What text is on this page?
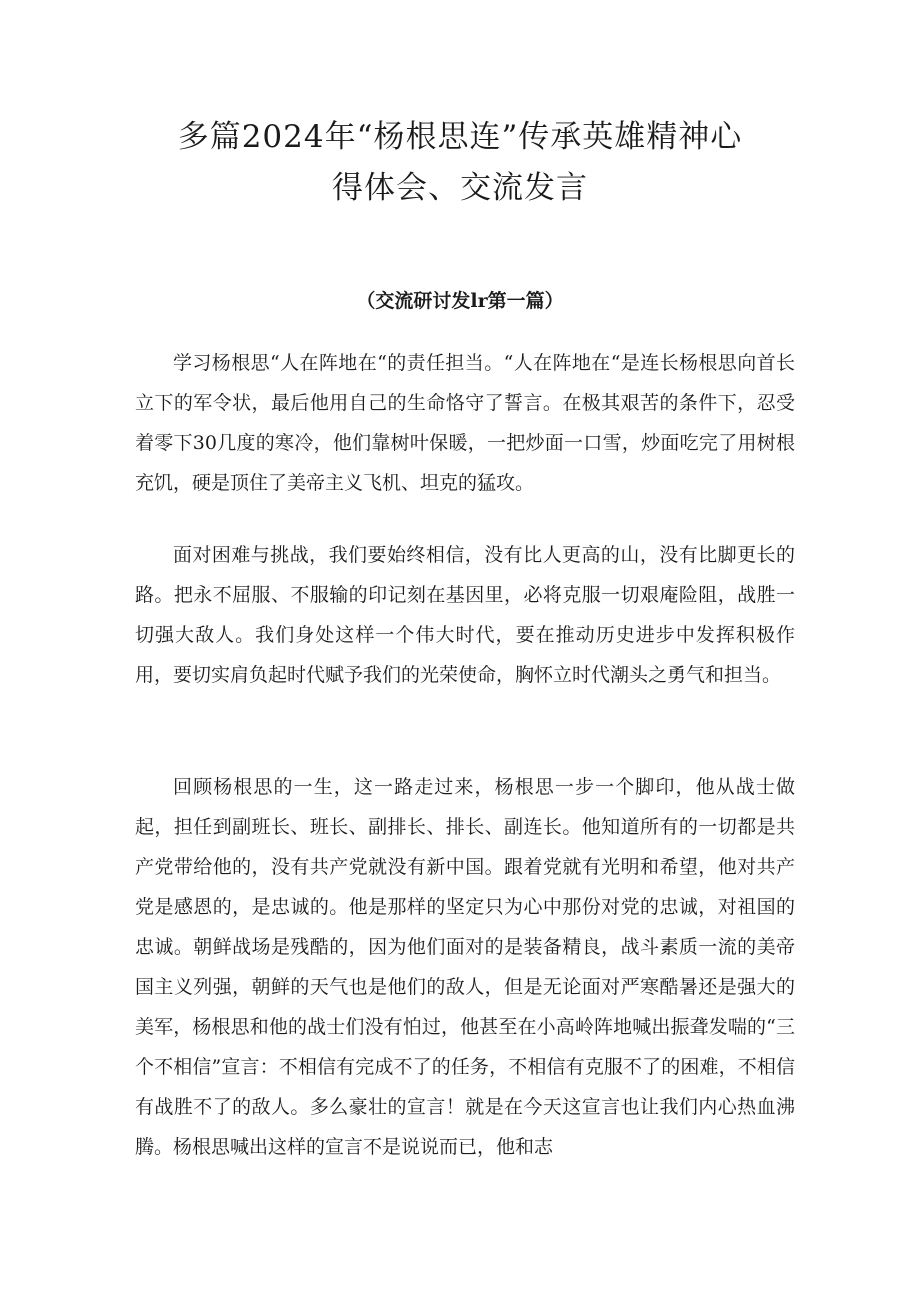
多篇2024年“杨根思连”传承英雄精神心
得体会、交流发言
（交流研讨发lr第一篇）

学习杨根思“人在阵地在“的责任担当。“人在阵地在“是连长杨根思向首长立下的军令状，最后他用自己的生命恪守了誓言。在极其艰苦的条件下，忍受着零下30几度的寒冷，他们靠树叶保暖，一把炒面一口雪，炒面吃完了用树根充饥，硬是顶住了美帝主义飞机、坦克的猛攻。

面对困难与挑战，我们要始终相信，没有比人更高的山，没有比脚更长的路。把永不屈服、不服输的印记刻在基因里，必将克服一切艰庵险阻，战胜一切强大敌人。我们身处这样一个伟大时代，要在推动历史进步中发挥积极作用，要切实肩负起时代赋予我们的光荣使命，胸怀立时代潮头之勇气和担当。

回顾杨根思的一生，这一路走过来，杨根思一步一个脚印，他从战士做起，担任到副班长、班长、副排长、排长、副连长。他知道所有的一切都是共产党带给他的，没有共产党就没有新中国。跟着党就有光明和希望，他对共产党是感恩的，是忠诚的。他是那样的坚定只为心中那份对党的忠诚，对祖国的忠诚。朝鲜战场是残酷的，因为他们面对的是装备精良，战斗素质一流的美帝国主义列强，朝鲜的天气也是他们的敌人，但是无论面对严寒酷暑还是强大的美军，杨根思和他的战士们没有怕过，他甚至在小高岭阵地喊出振聋发喘的“三个不相信”宣言：不相信有完成不了的任务，不相信有克服不了的困难，不相信有战胜不了的敌人。多么豪壮的宣言！就是在今天这宣言也让我们内心热血沸腾。杨根思喊出这样的宣言不是说说而已，他和志
